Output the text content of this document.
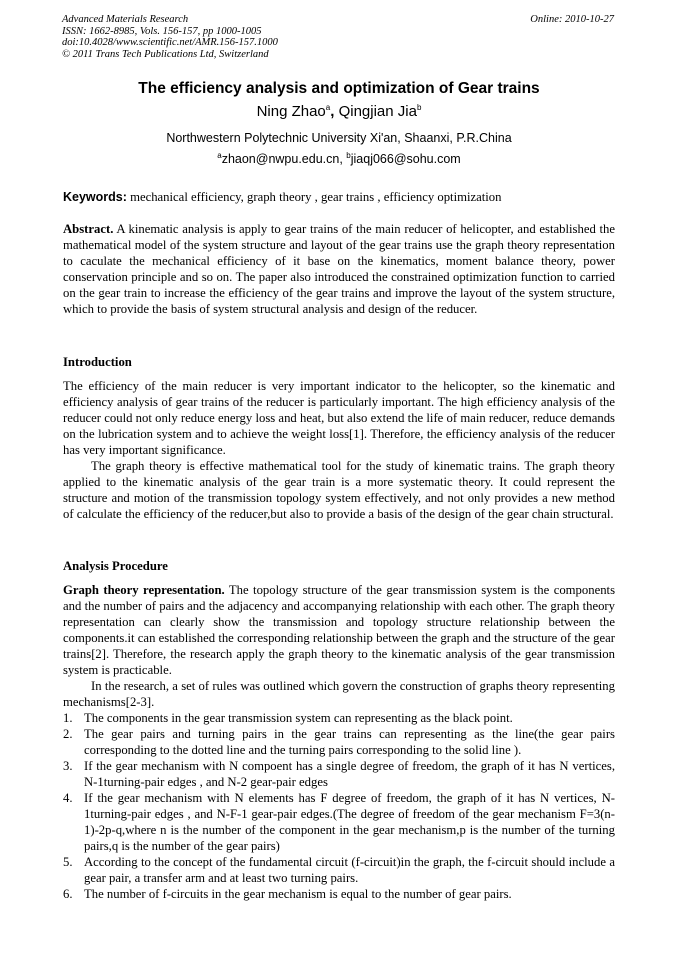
Advanced Materials Research
ISSN: 1662-8985, Vols. 156-157, pp 1000-1005
doi:10.4028/www.scientific.net/AMR.156-157.1000
© 2011 Trans Tech Publications Ltd, Switzerland
Online: 2010-10-27
The efficiency analysis and optimization of Gear trains
Ning Zhao$^a$, Qingjian Jia$^b$
Northwestern Polytechnic University Xi'an, Shaanxi, P.R.China
$^a$zhaon@nwpu.edu.cn, $^b$jiaqj066@sohu.com
Keywords: mechanical efficiency, graph theory , gear trains , efficiency optimization
Abstract. A kinematic analysis is apply to gear trains of the main reducer of helicopter, and established the mathematical model of the system structure and layout of the gear trains use the graph theory representation to caculate the mechanical efficiency of it base on the kinematics, moment balance theory, power conservation principle and so on. The paper also introduced the constrained optimization function to carried on the gear train to increase the efficiency of the gear trains and improve the layout of the system structure, which to provide the basis of system structural analysis and design of the reducer.
Introduction

The efficiency of the main reducer is very important indicator to the helicopter, so the kinematic and efficiency analysis of gear trains of the reducer is particularly important. The high efficiency analysis of the reducer could not only reduce energy loss and heat, but also extend the life of main reducer, reduce demands on the lubrication system and to achieve the weight loss[1]. Therefore, the efficiency analysis of the reducer has very important significance.

The graph theory is effective mathematical tool for the study of kinematic trains. The graph theory applied to the kinematic analysis of the gear train is a more systematic theory. It could represent the structure and motion of the transmission topology system effectively, and not only provides a new method of calculate the efficiency of the reducer,but also to provide a basis of the design of the gear chain structural.

Analysis Procedure

Graph theory representation. The topology structure of the gear transmission system is the components and the number of pairs and the adjacency and accompanying relationship with each other. The graph theory representation can clearly show the transmission and topology structure relationship between the components.it can established the corresponding relationship between the graph and the structure of the gear trains[2]. Therefore, the research apply the graph theory to the kinematic analysis of the gear transmission system is practicable.

In the research, a set of rules was outlined which govern the construction of graphs theory representing mechanisms[2-3].

1. The components in the gear transmission system can representing as the black point.
2. The gear pairs and turning pairs in the gear trains can representing as the line(the gear pairs corresponding to the dotted line and the turning pairs corresponding to the solid line ).
3. If the gear mechanism with N compoent has a single degree of freedom, the graph of it has N vertices, N-1turning-pair edges , and N-2 gear-pair edges
4. If the gear mechanism with N elements has F degree of freedom, the graph of it has N vertices, N-1turning-pair edges , and N-F-1 gear-pair edges.(The degree of freedom of the gear mechanism F=3(n-1)-2p-q,where n is the number of the component in the gear mechanism,p is the number of the turning pairs,q is the number of the gear pairs)
5. According to the concept of the fundamental circuit (f-circuit)in the graph, the f-circuit should include a gear pair, a transfer arm and at least two turning pairs.
6. The number of f-circuits in the gear mechanism is equal to the number of gear pairs.
